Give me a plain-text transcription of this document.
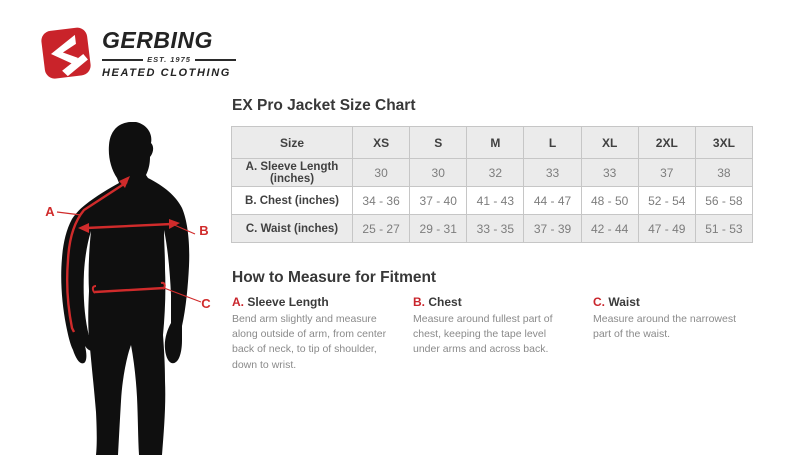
GERBING
EST. 1975
HEATED CLOTHING
A
B
C
EX Pro Jacket Size Chart
Size	XS	S	M	L	XL	2XL	3XL
A. Sleeve Length (inches)	30	30	32	33	33	37	38
B. Chest (inches)	34 - 36	37 - 40	41 - 43	44 - 47	48 - 50	52 - 54	56 - 58
C. Waist (inches)	25 - 27	29 - 31	33 - 35	37 - 39	42 - 44	47 - 49	51 - 53
How to Measure for Fitment
A. Sleeve Length
Bend arm slightly and measure along outside of arm, from center back of neck, to tip of shoulder, down to wrist.
B. Chest
Measure around fullest part of chest, keeping the tape level under arms and across back.
C. Waist
Measure around the narrowest part of the waist.
